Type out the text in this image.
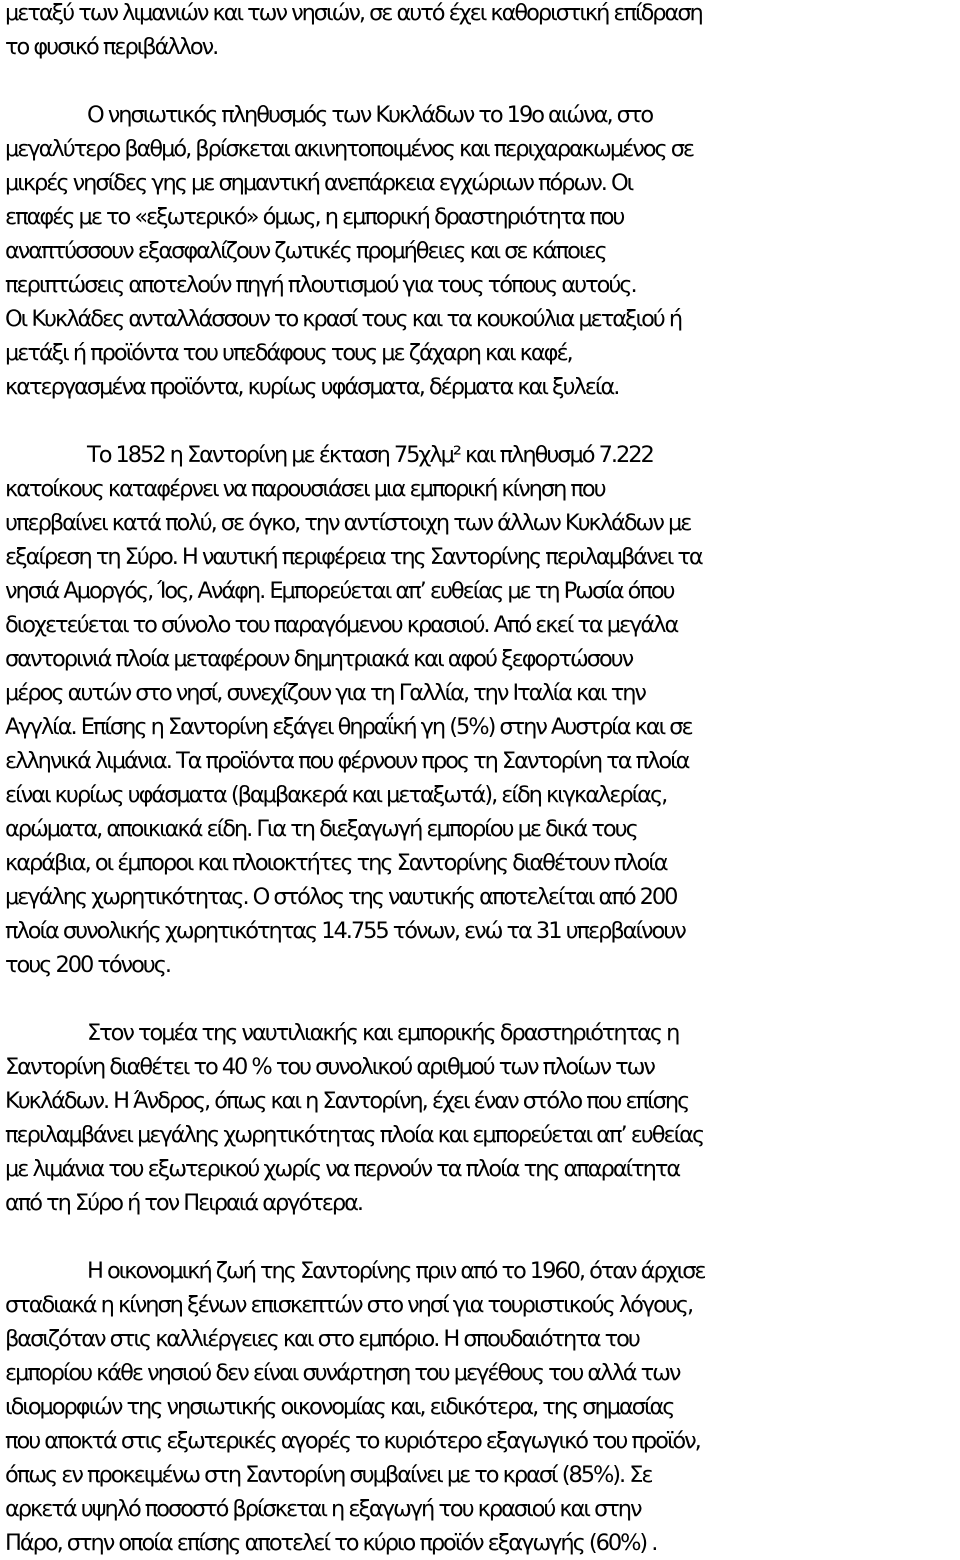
μεταξύ των λιμανιών και των νησιών, σε αυτό έχει καθοριστική επίδραση
το φυσικό περιβάλλον.
Ο νησιωτικός πληθυσμός των Κυκλάδων το 19ο αιώνα, στο
μεγαλύτερο βαθμό, βρίσκεται ακινητοποιμένος και περιχαρακωμένος σε
μικρές νησίδες γης με σημαντική ανεπάρκεια εγχώριων πόρων. Οι
επαφές με το «εξωτερικό» όμως, η εμπορική δραστηριότητα που
αναπτύσσουν εξασφαλίζουν ζωτικές προμήθειες και σε κάποιες
περιπτώσεις αποτελούν πηγή πλουτισμού για τους τόπους αυτούς.
Οι Κυκλάδες ανταλλάσσουν το κρασί τους και τα κουκούλια μεταξιού ή
μετάξι ή προϊόντα του υπεδάφους τους με ζάχαρη και καφέ,
κατεργασμένα προϊόντα, κυρίως υφάσματα, δέρματα και ξυλεία.
Το 1852 η Σαντορίνη με έκταση 75χλμ² και πληθυσμό 7.222
κατοίκους καταφέρνει να παρουσιάσει μια εμπορική κίνηση που
υπερβαίνει κατά πολύ, σε όγκο, την αντίστοιχη των άλλων Κυκλάδων με
εξαίρεση τη Σύρο. Η ναυτική περιφέρεια της Σαντορίνης περιλαμβάνει τα
νησιά Αμοργός, Ίος, Ανάφη. Εμπορεύεται απ’ ευθείας με τη Ρωσία όπου
διοχετεύεται το σύνολο του παραγόμενου κρασιού. Από εκεί τα μεγάλα
σαντορινιά πλοία μεταφέρουν δημητριακά και αφού ξεφορτώσουν
μέρος αυτών στο νησί, συνεχίζουν για τη Γαλλία, την Ιταλία και την
Αγγλία. Επίσης η Σαντορίνη εξάγει θηραΐκή γη (5%) στην Αυστρία και σε
ελληνικά λιμάνια. Τα προϊόντα που φέρνουν προς τη Σαντορίνη τα πλοία
είναι κυρίως υφάσματα (βαμβακερά και μεταξωτά), είδη κιγκαλερίας,
αρώματα, αποικιακά είδη. Για τη διεξαγωγή εμπορίου με δικά τους
καράβια, οι έμποροι και πλοιοκτήτες της Σαντορίνης διαθέτουν πλοία
μεγάλης χωρητικότητας. Ο στόλος της ναυτικής αποτελείται από 200
πλοία συνολικής χωρητικότητας 14.755 τόνων, ενώ τα 31 υπερβαίνουν
τους 200 τόνους.
Στον τομέα της ναυτιλιακής και εμπορικής δραστηριότητας η
Σαντορίνη διαθέτει το 40 % του συνολικού αριθμού των πλοίων των
Κυκλάδων. Η Άνδρος, όπως και η Σαντορίνη, έχει έναν στόλο που επίσης
περιλαμβάνει μεγάλης χωρητικότητας πλοία και εμπορεύεται απ’ ευθείας
με λιμάνια του εξωτερικού χωρίς να περνούν τα πλοία της απαραίτητα
από τη Σύρο ή τον Πειραιά αργότερα.
Η οικονομική ζωή της Σαντορίνης πριν από το 1960, όταν άρχισε
σταδιακά η κίνηση ξένων επισκεπτών στο νησί για τουριστικούς λόγους,
βασιζόταν στις καλλιέργειες και στο εμπόριο. Η σπουδαιότητα του
εμπορίου κάθε νησιού δεν είναι συνάρτηση του μεγέθους του αλλά των
ιδιομορφιών της νησιωτικής οικονομίας και, ειδικότερα, της σημασίας
που αποκτά στις εξωτερικές αγορές το κυριότερο εξαγωγικό του προϊόν,
όπως εν προκειμένω στη Σαντορίνη συμβαίνει με το κρασί (85%). Σε
αρκετά υψηλό ποσοστό βρίσκεται η εξαγωγή του κρασιού και στην
Πάρο, στην οποία επίσης αποτελεί το κύριο προϊόν εξαγωγής (60%) .
